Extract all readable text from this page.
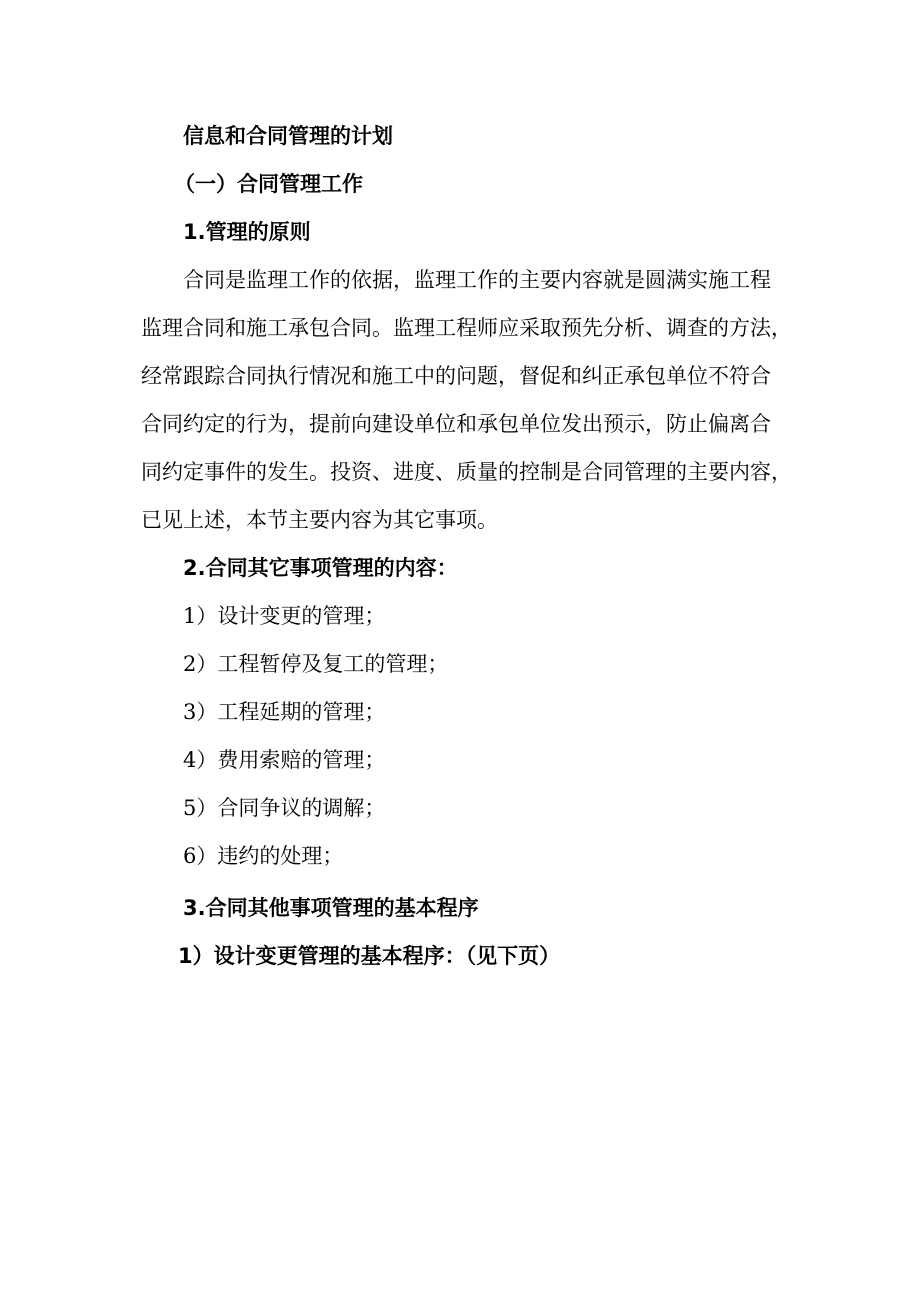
信息和合同管理的计划
（一）合同管理工作
1.管理的原则
合同是监理工作的依据，监理工作的主要内容就是圆满实施工程
监理合同和施工承包合同。监理工程师应采取预先分析、调查的方法，
经常跟踪合同执行情况和施工中的问题，督促和纠正承包单位不符合
合同约定的行为，提前向建设单位和承包单位发出预示，防止偏离合
同约定事件的发生。投资、进度、质量的控制是合同管理的主要内容，
已见上述，本节主要内容为其它事项。
2.合同其它事项管理的内容：
1）设计变更的管理；
2）工程暂停及复工的管理；
3）工程延期的管理；
4）费用索赔的管理；
5）合同争议的调解；
6）违约的处理；
3.合同其他事项管理的基本程序
1）设计变更管理的基本程序：（见下页）
